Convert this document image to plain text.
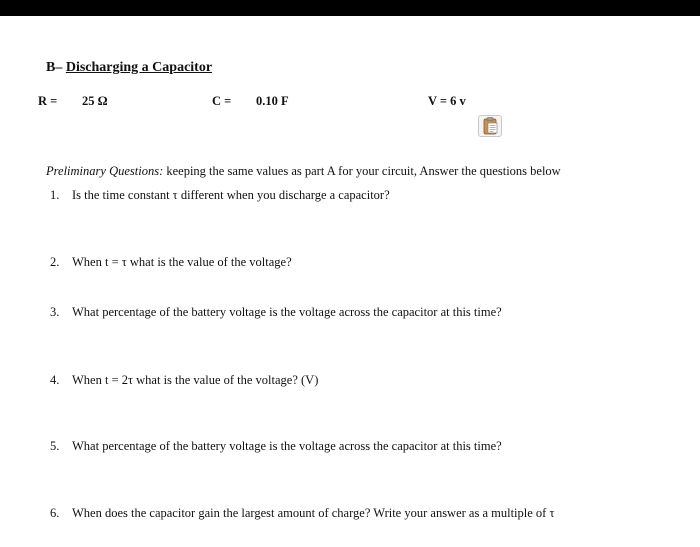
B– Discharging a Capacitor
R = 25 Ω	C = 0.10 F	V = 6 v
Preliminary Questions: keeping the same values as part A for your circuit, Answer the questions below
1. Is the time constant τ different when you discharge a capacitor?
2. When t = τ what is the value of the voltage?
3. What percentage of the battery voltage is the voltage across the capacitor at this time?
4. When t = 2τ what is the value of the voltage? (V)
5. What percentage of the battery voltage is the voltage across the capacitor at this time?
6. When does the capacitor gain the largest amount of charge? Write your answer as a multiple of τ
